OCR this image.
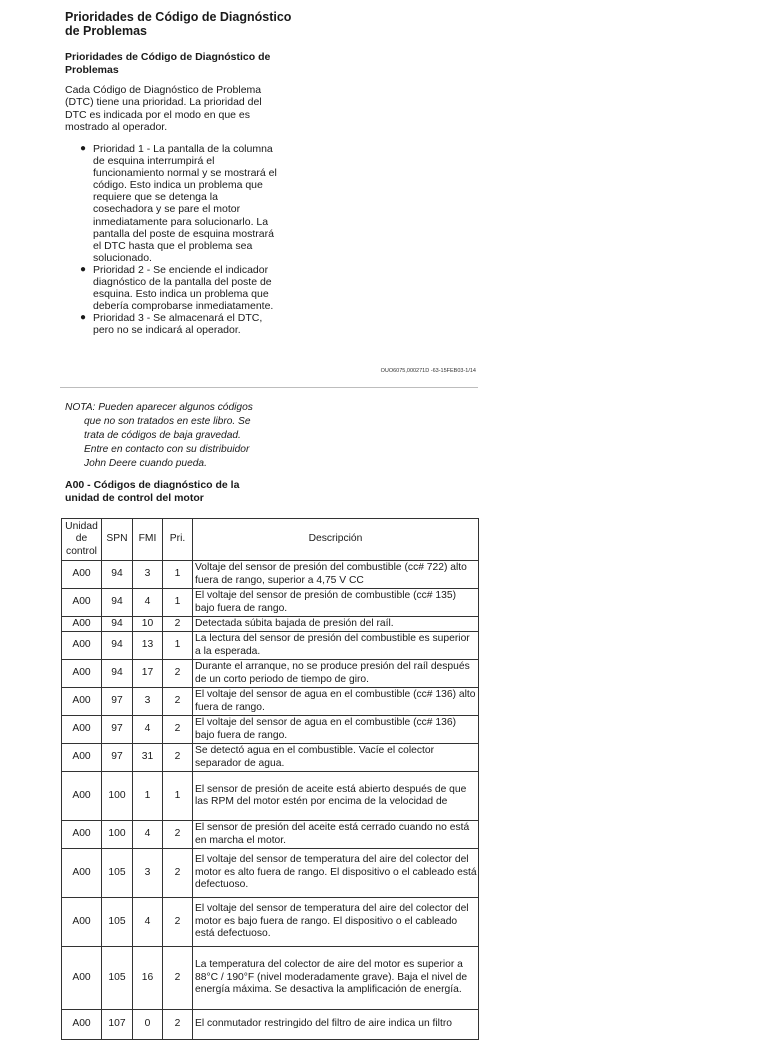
Prioridades de Código de Diagnóstico de Problemas
Prioridades de Código de Diagnóstico de Problemas
Cada Código de Diagnóstico de Problema (DTC) tiene una prioridad. La prioridad del DTC es indicada por el modo en que es mostrado al operador.
● Prioridad 1 - La pantalla de la columna de esquina interrumpirá el funcionamiento normal y se mostrará el código. Esto indica un problema que requiere que se detenga la cosechadora y se pare el motor inmediatamente para solucionarlo. La pantalla del poste de esquina mostrará el DTC hasta que el problema sea solucionado.
● Prioridad 2 - Se enciende el indicador diagnóstico de la pantalla del poste de esquina. Esto indica un problema que debería comprobarse inmediatamente.
● Prioridad 3 - Se almacenará el DTC, pero no se indicará al operador.
OUO6075,000271D -63-15FEB03-1/14
NOTA: Pueden aparecer algunos códigos
que no son tratados en este libro. Se
trata de códigos de baja gravedad.
Entre en contacto con su distribuidor
John Deere cuando pueda.
A00 - Códigos de diagnóstico de la unidad de control del motor
Unidad de control	SPN	FMI	Pri.	Descripción
A00	94	3	1	Voltaje del sensor de presión del combustible (cc# 722) alto fuera de rango, superior a 4,75 V CC
A00	94	4	1	El voltaje del sensor de presión de combustible (cc# 135) bajo fuera de rango.
A00	94	10	2	Detectada súbita bajada de presión del raíl.
A00	94	13	1	La lectura del sensor de presión del combustible es superior a la esperada.
A00	94	17	2	Durante el arranque, no se produce presión del raíl después de un corto periodo de tiempo de giro.
A00	97	3	2	El voltaje del sensor de agua en el combustible (cc# 136) alto fuera de rango.
A00	97	4	2	El voltaje del sensor de agua en el combustible (cc# 136) bajo fuera de rango.
A00	97	31	2	Se detectó agua en el combustible. Vacíe el colector separador de agua.
A00	100	1	1	El sensor de presión de aceite está abierto después de que las RPM del motor estén por encima de la velocidad de
A00	100	4	2	El sensor de presión del aceite está cerrado cuando no está en marcha el motor.
A00	105	3	2	El voltaje del sensor de temperatura del aire del colector del motor es alto fuera de rango. El dispositivo o el cableado está defectuoso.
A00	105	4	2	El voltaje del sensor de temperatura del aire del colector del motor es bajo fuera de rango. El dispositivo o el cableado está defectuoso.
A00	105	16	2	La temperatura del colector de aire del motor es superior a 88°C / 190°F (nivel moderadamente grave). Baja el nivel de energía máxima. Se desactiva la amplificación de energía.
A00	107	0	2	El conmutador restringido del filtro de aire indica un filtro
